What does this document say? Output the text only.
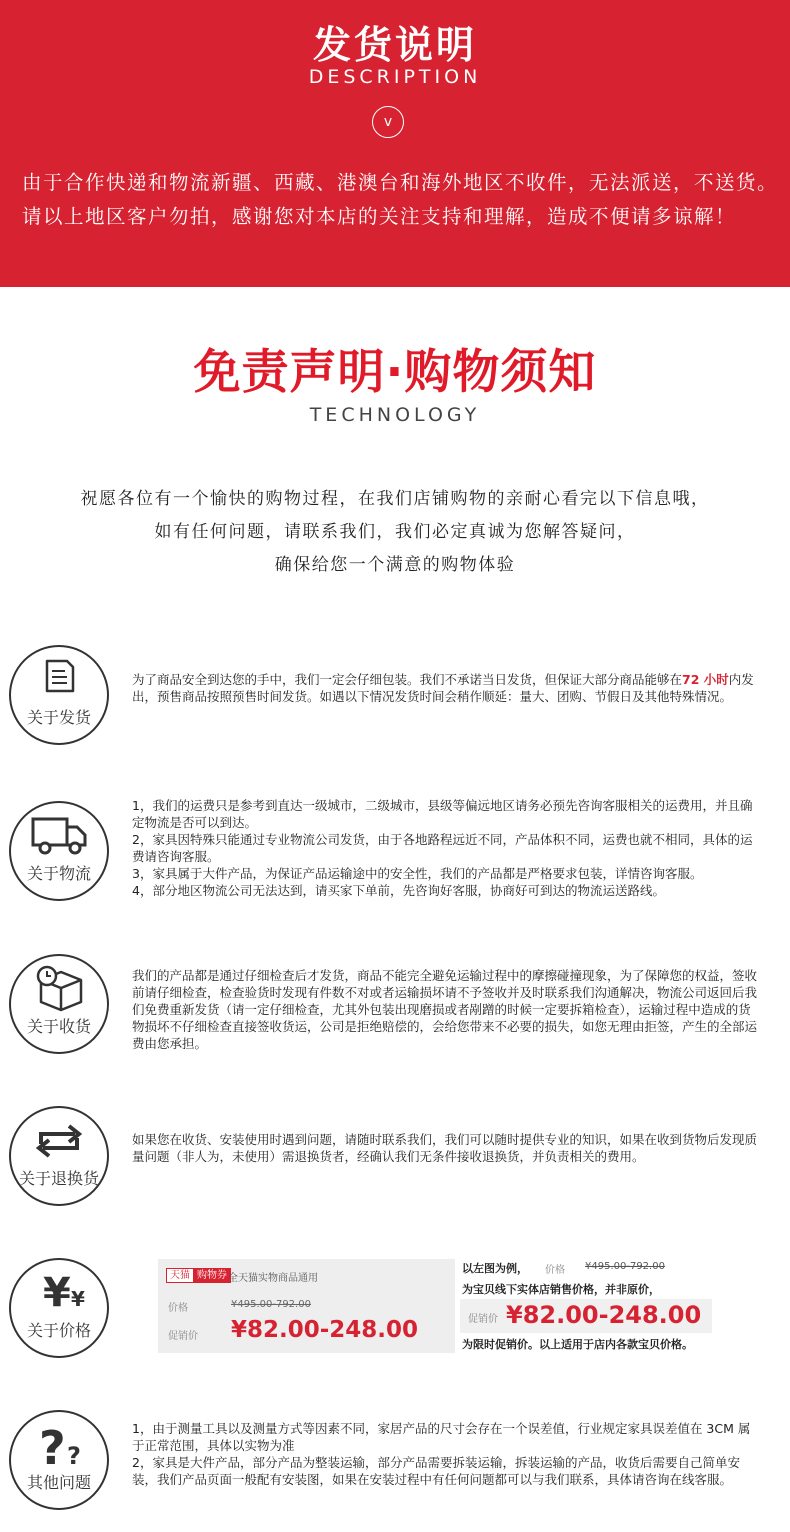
发货说明
DESCRIPTION
v
由于合作快递和物流新疆、西藏、港澳台和海外地区不收件，无法派送，不送货。请以上地区客户勿拍，感谢您对本店的关注支持和理解，造成不便请多谅解！
免责声明·购物须知
TECHNOLOGY
祝愿各位有一个愉快的购物过程，在我们店铺购物的亲耐心看完以下信息哦，
如有任何问题，请联系我们，我们必定真诚为您解答疑问，
确保给您一个满意的购物体验
关于发货

为了商品安全到达您的手中，我们一定会仔细包装。我们不承诺当日发货，但保证大部分商品能够在72 小时内发出，预售商品按照预售时间发货。如遇以下情况发货时间会稍作顺延：量大、团购、节假日及其他特殊情况。

关于物流

1，我们的运费只是参考到直达一级城市，二级城市，县级等偏远地区请务必预先咨询客服相关的运费用，并且确定物流是否可以到达。

2，家具因特殊只能通过专业物流公司发货，由于各地路程远近不同，产品体积不同，运费也就不相同，具体的运费请咨询客服。

3，家具属于大件产品，为保证产品运输途中的安全性，我们的产品都是严格要求包装，详情咨询客服。

4，部分地区物流公司无法达到，请买家下单前，先咨询好客服，协商好可到达的物流运送路线。

关于收货
我们的产品都是通过仔细检查后才发货，商品不能完全避免运输过程中的摩擦碰撞现象，为了保障您的权益，签收前请仔细检查，检查验货时发现有件数不对或者运输损坏请不予签收并及时联系我们沟通解决，物流公司返回后我们免费重新发货（请一定仔细检查，尤其外包装出现磨损或者剐蹭的时候一定要拆箱检查），运输过程中造成的货物损坏不仔细检查直接签收货运，公司是拒绝赔偿的，会给您带来不必要的损失，如您无理由拒签，产生的全部运费由您承担。
关于退换货
如果您在收货、安装使用时遇到问题，请随时联系我们，我们可以随时提供专业的知识，如果在收到货物后发现质量问题（非人为，未使用）需退换货者，经确认我们无条件接收退换货，并负责相关的费用。
¥ ¥
关于价格
天猫 购物券 全天猫实物商品通用
价格	¥495.00-792.00
促销价 ¥82.00-248.00
以左图为例， 价格 ¥495.00-792.00
为宝贝线下实体店销售价格，并非原价，
促销价 ¥82.00-248.00
为限时促销价。以上适用于店内各款宝贝价格。
? ?
其他问题

1，由于测量工具以及测量方式等因素不同，家居产品的尺寸会存在一个误差值，行业规定家具误差值在 3CM 属于正常范围，具体以实物为准

2，家具是大件产品，部分产品为整装运输，部分产品需要拆装运输，拆装运输的产品，收货后需要自己简单安装，我们产品页面一般配有安装图，如果在安装过程中有任何问题都可以与我们联系，具体请咨询在线客服。
